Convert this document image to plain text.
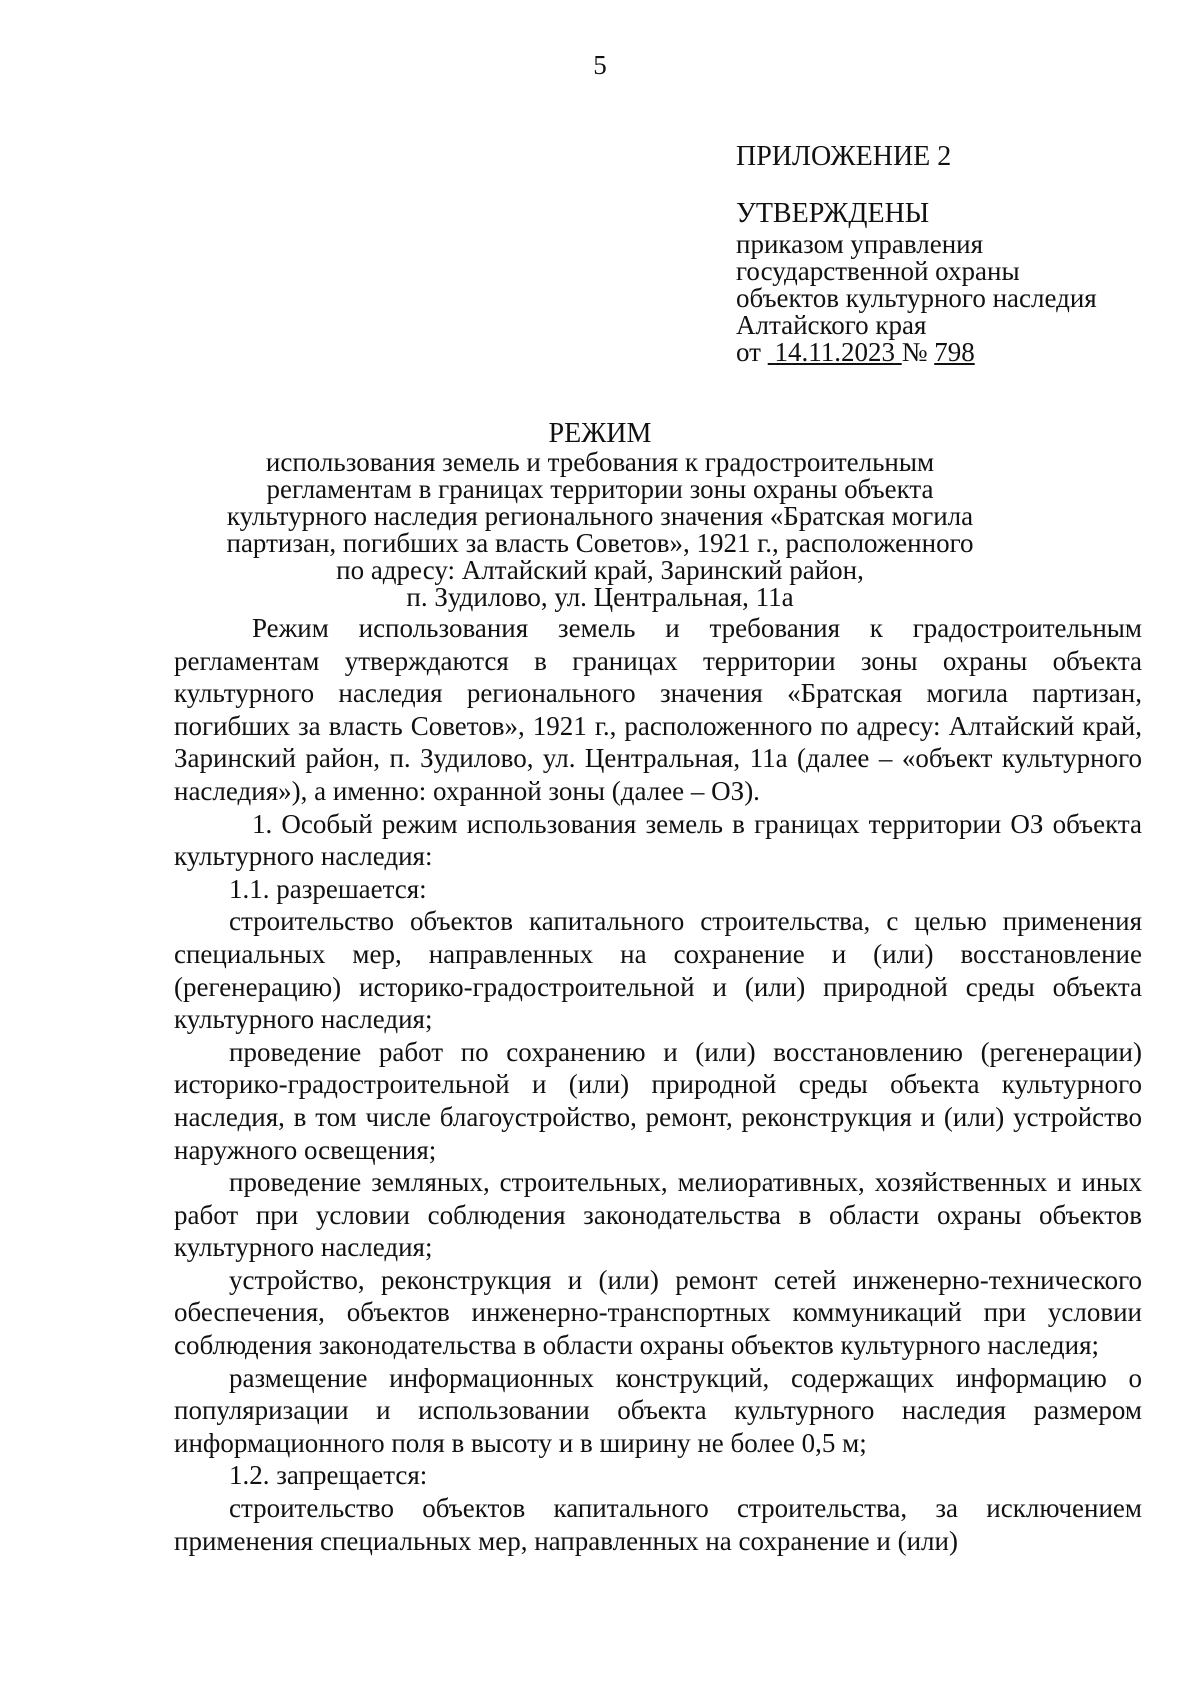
5
ПРИЛОЖЕНИЕ 2
УТВЕРЖДЕНЫ
приказом управления
государственной охраны
объектов культурного наследия
Алтайского края
от 14.11.2023 № 798
РЕЖИМ
использования земель и требования к градостроительным
регламентам в границах территории зоны охраны объекта
культурного наследия регионального значения «Братская могила
партизан, погибших за власть Советов», 1921 г., расположенного
по адресу: Алтайский край, Заринский район,
п. Зудилово, ул. Центральная, 11а

Режим использования земель и требования к градостроительным регламентам утверждаются в границах территории зоны охраны объекта культурного наследия регионального значения «Братская могила партизан, погибших за власть Советов», 1921 г., расположенного по адресу: Алтайский край, Заринский район, п. Зудилово, ул. Центральная, 11а (далее – «объект культурного наследия»), а именно: охранной зоны (далее – ОЗ).

1. Особый режим использования земель в границах территории ОЗ объекта культурного наследия:

1.1. разрешается:

строительство объектов капитального строительства, с целью применения специальных мер, направленных на сохранение и (или) восстановление (регенерацию) историко-градостроительной и (или) природной среды объекта культурного наследия;

проведение работ по сохранению и (или) восстановлению (регенерации) историко-градостроительной и (или) природной среды объекта культурного наследия, в том числе благоустройство, ремонт, реконструкция и (или) устройство наружного освещения;

проведение земляных, строительных, мелиоративных, хозяйственных и иных работ при условии соблюдения законодательства в области охраны объектов культурного наследия;

устройство, реконструкция и (или) ремонт сетей инженерно-технического обеспечения, объектов инженерно-транспортных коммуникаций при условии соблюдения законодательства в области охраны объектов культурного наследия;

размещение информационных конструкций, содержащих информацию о популяризации и использовании объекта культурного наследия размером информационного поля в высоту и в ширину не более 0,5 м;

1.2. запрещается:

строительство объектов капитального строительства, за исключением применения специальных мер, направленных на сохранение и (или)
